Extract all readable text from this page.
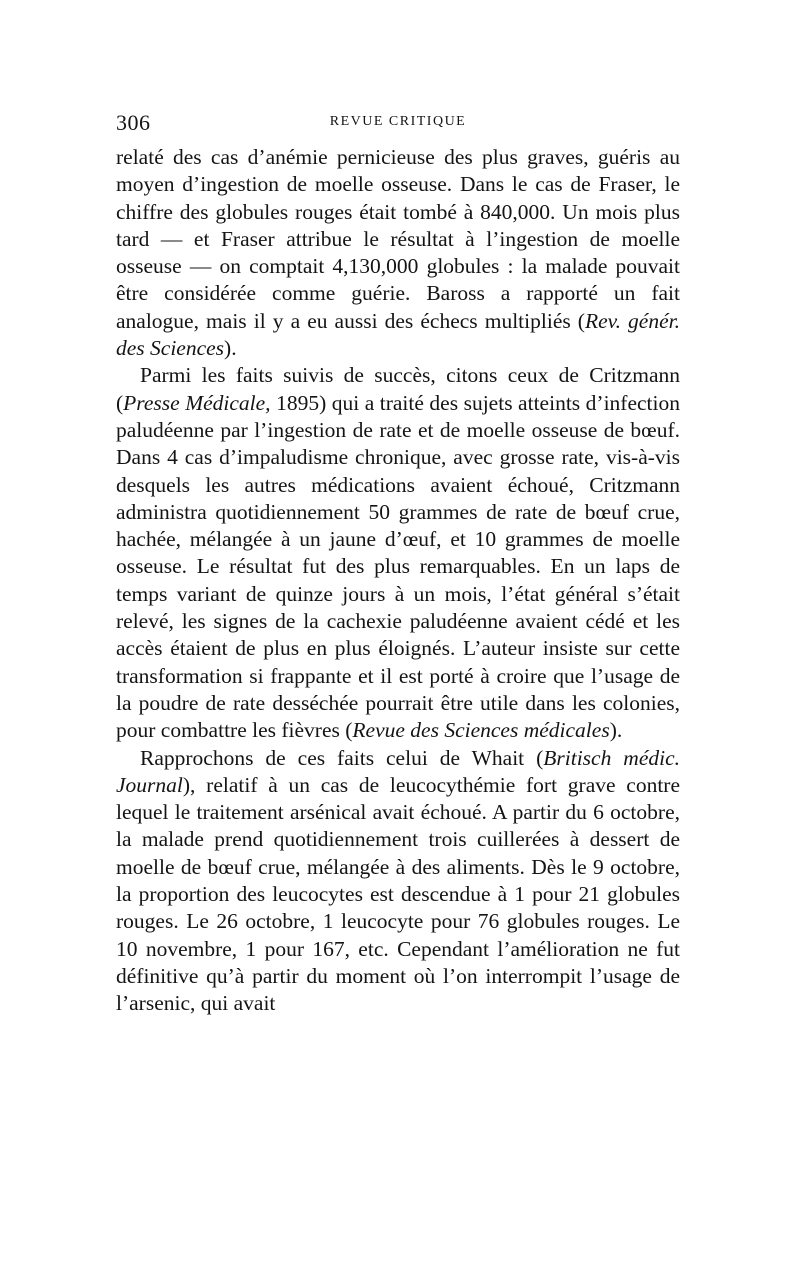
306	REVUE CRITIQUE

relaté des cas d’anémie pernicieuse des plus graves, guéris au moyen d’ingestion de moelle osseuse. Dans le cas de Fraser, le chiffre des globules rouges était tombé à 840,000. Un mois plus tard — et Fraser attribue le résultat à l’ingestion de moelle osseuse — on comptait 4,130,000 globules : la malade pouvait être considérée comme guérie. Baross a rapporté un fait analogue, mais il y a eu aussi des échecs multipliés (Rev. génér. des Sciences).

Parmi les faits suivis de succès, citons ceux de Critzmann (Presse Médicale, 1895) qui a traité des sujets atteints d’infection paludéenne par l’ingestion de rate et de moelle osseuse de bœuf. Dans 4 cas d’impaludisme chronique, avec grosse rate, vis-à-vis desquels les autres médications avaient échoué, Critzmann administra quotidiennement 50 grammes de rate de bœuf crue, hachée, mélangée à un jaune d’œuf, et 10 grammes de moelle osseuse. Le résultat fut des plus remarquables. En un laps de temps variant de quinze jours à un mois, l’état général s’était relevé, les signes de la cachexie paludéenne avaient cédé et les accès étaient de plus en plus éloignés. L’auteur insiste sur cette transformation si frappante et il est porté à croire que l’usage de la poudre de rate desséchée pourrait être utile dans les colonies, pour combattre les fièvres (Revue des Sciences médicales).

Rapprochons de ces faits celui de Whait (Britisch médic. Journal), relatif à un cas de leucocythémie fort grave contre lequel le traitement arsénical avait échoué. A partir du 6 octobre, la malade prend quotidiennement trois cuillerées à dessert de moelle de bœuf crue, mélangée à des aliments. Dès le 9 octobre, la proportion des leucocytes est descendue à 1 pour 21 globules rouges. Le 26 octobre, 1 leucocyte pour 76 globules rouges. Le 10 novembre, 1 pour 167, etc. Cependant l’amélioration ne fut définitive qu’à partir du moment où l’on interrompit l’usage de l’arsenic, qui avait
